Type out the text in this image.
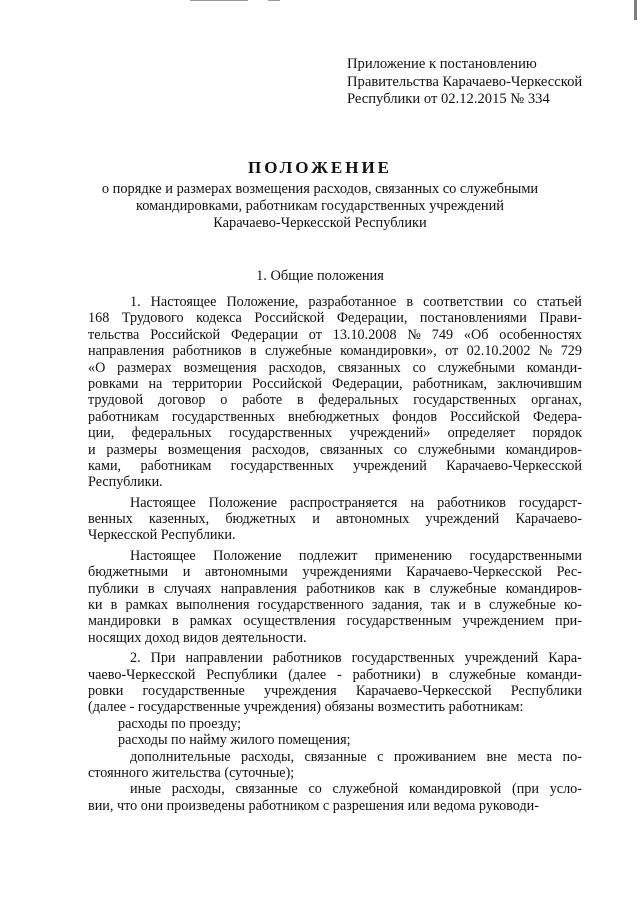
Приложение к постановлению
Правительства Карачаево-Черкесской
Республики от 02.12.2015 № 334
ПОЛОЖЕНИЕ
о порядке и размерах возмещения расходов, связанных со служебными
командировками, работникам государственных учреждений
Карачаево-Черкесской Республики
1. Общие положения
1. Настоящее Положение, разработанное в соответствии со статьей
168 Трудового кодекса Российской Федерации, постановлениями Прави-
тельства Российской Федерации от 13.10.2008 № 749 «Об особенностях
направления работников в служебные командировки», от 02.10.2002 № 729
«О размерах возмещения расходов, связанных со служебными команди-
ровками на территории Российской Федерации, работникам, заключившим
трудовой договор о работе в федеральных государственных органах,
работникам государственных внебюджетных фондов Российской Федера-
ции, федеральных государственных учреждений» определяет порядок
и размеры возмещения расходов, связанных со служебными командиров-
ками, работникам государственных учреждений Карачаево-Черкесской
Республики.
Настоящее Положение распространяется на работников государст-
венных казенных, бюджетных и автономных учреждений Карачаево-
Черкесской Республики.
Настоящее Положение подлежит применению государственными
бюджетными и автономными учреждениями Карачаево-Черкесской Рес-
публики в случаях направления работников как в служебные командиров-
ки в рамках выполнения государственного задания, так и в служебные ко-
мандировки в рамках осуществления государственным учреждением при-
носящих доход видов деятельности.
2. При направлении работников государственных учреждений Кара-
чаево-Черкесской Республики (далее - работники) в служебные команди-
ровки государственные учреждения Карачаево-Черкесской Республики
(далее - государственные учреждения) обязаны возместить работникам:
расходы по проезду;
расходы по найму жилого помещения;
дополнительные расходы, связанные с проживанием вне места по-
стоянного жительства (суточные);
иные расходы, связанные со служебной командировкой (при усло-
вии, что они произведены работником с разрешения или ведома руководи-
